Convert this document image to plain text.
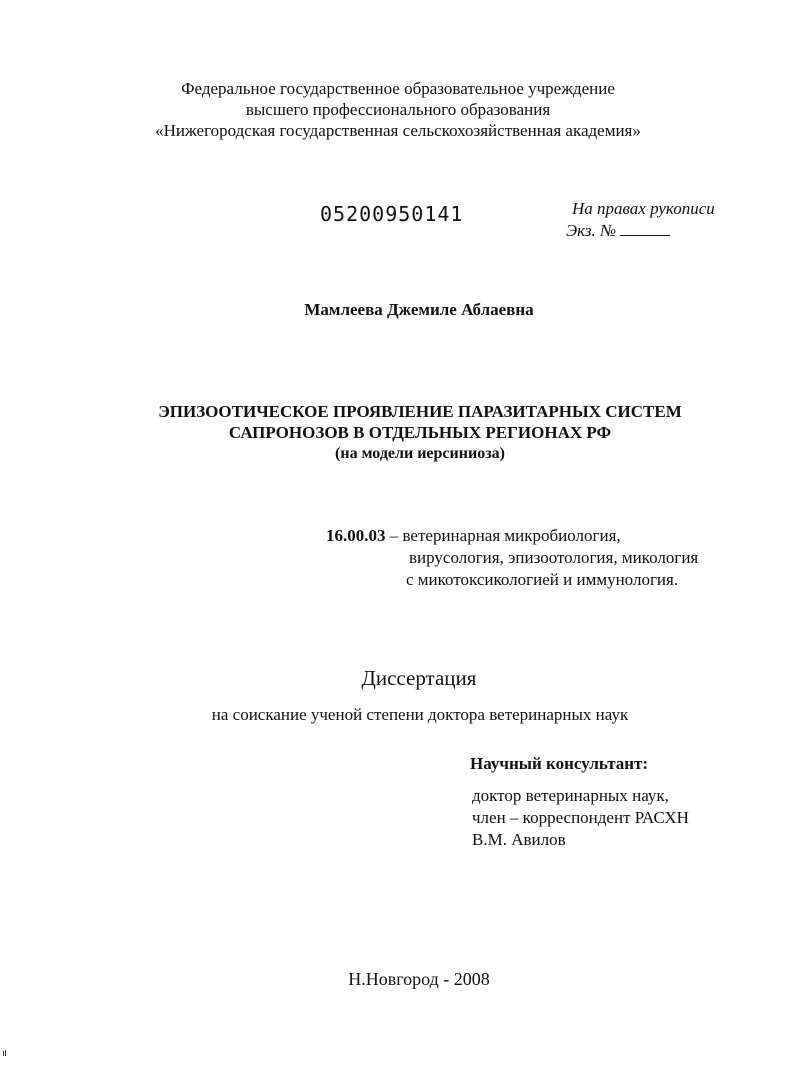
Федеральное государственное образовательное учреждение
высшего профессионального образования
«Нижегородская государственная сельскохозяйственная академия»
05200950141	На правах рукописи
Экз. №
Мамлеева Джемиле Аблаевна
ЭПИЗООТИЧЕСКОЕ ПРОЯВЛЕНИЕ ПАРАЗИТАРНЫХ СИСТЕМ
САПРОНОЗОВ В ОТДЕЛЬНЫХ РЕГИОНАХ РФ
(на модели иерсиниоза)
16.00.03 – ветеринарная микробиология,
вирусология, эпизоотология, микология
с микотоксикологией и иммунология.
Диссертация
на соискание ученой степени доктора ветеринарных наук
Научный консультант:
доктор ветеринарных наук,
член – корреспондент РАСХН
В.М. Авилов
Н.Новгород - 2008
